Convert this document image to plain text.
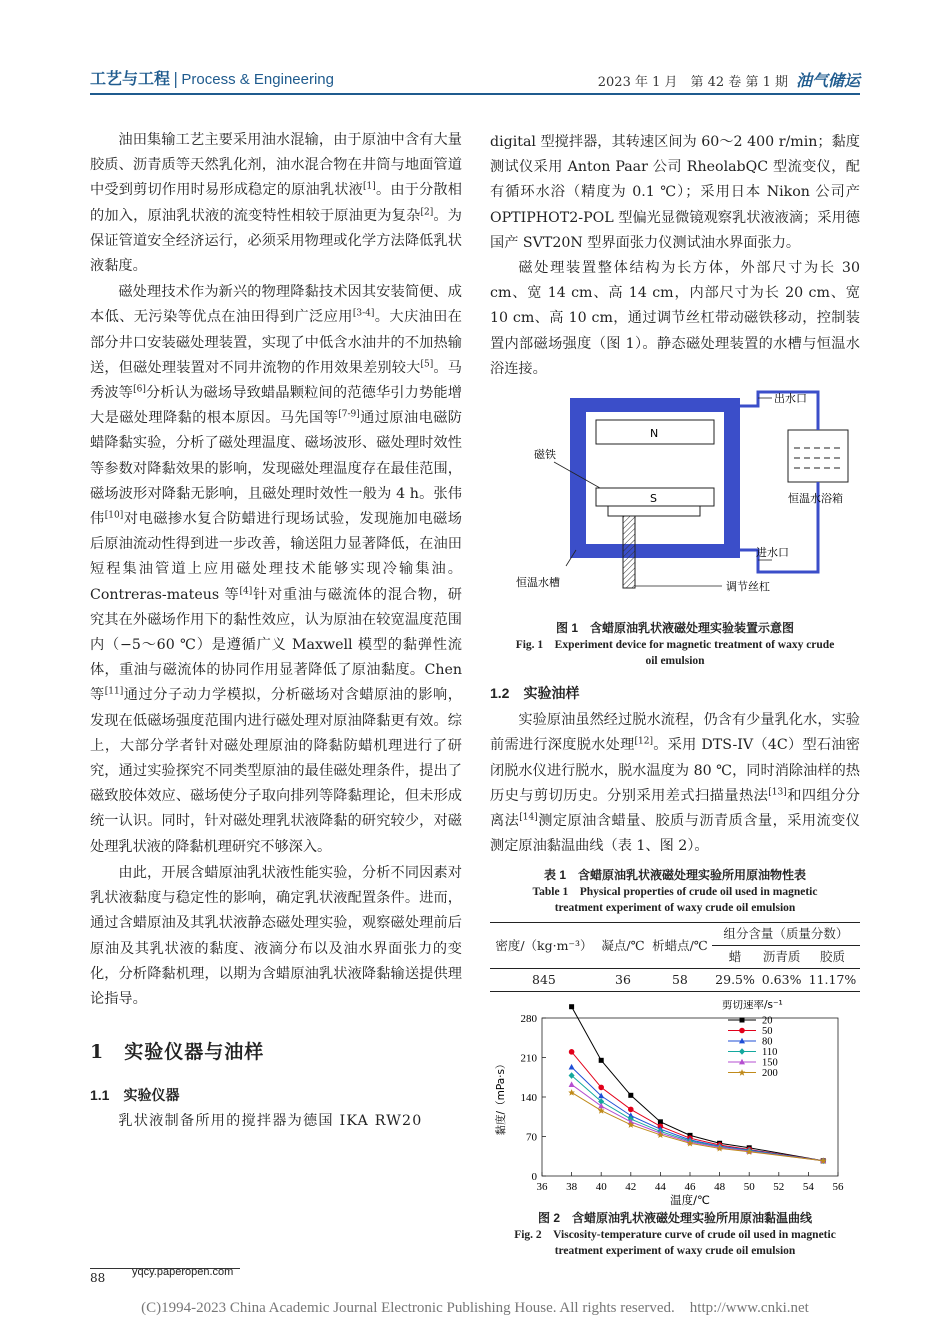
工艺与工程 | Process & Engineering	2023 年 1 月　第 42 卷 第 1 期 油气储运

油田集输工艺主要采用油水混输，由于原油中含有大量胶质、沥青质等天然乳化剂，油水混合物在井筒与地面管道中受到剪切作用时易形成稳定的原油乳状液[1]。由于分散相的加入，原油乳状液的流变特性相较于原油更为复杂[2]。为保证管道安全经济运行，必须采用物理或化学方法降低乳状液黏度。

磁处理技术作为新兴的物理降黏技术因其安装简便、成本低、无污染等优点在油田得到广泛应用[3-4]。大庆油田在部分井口安装磁处理装置，实现了中低含水油井的不加热输送，但磁处理装置对不同井流物的作用效果差别较大[5]。马秀波等[6]分析认为磁场导致蜡晶颗粒间的范德华引力势能增大是磁处理降黏的根本原因。马先国等[7-9]通过原油电磁防蜡降黏实验，分析了磁处理温度、磁场波形、磁处理时效性等参数对降黏效果的影响，发现磁处理温度存在最佳范围，磁场波形对降黏无影响，且磁处理时效性一般为 4 h。张伟伟[10]对电磁掺水复合防蜡进行现场试验，发现施加电磁场后原油流动性得到进一步改善，输送阻力显著降低，在油田短程集油管道上应用磁处理技术能够实现冷输集油。Contreras-mateus 等[4]针对重油与磁流体的混合物，研究其在外磁场作用下的黏性效应，认为原油在较宽温度范围内（−5～60 ℃）是遵循广义 Maxwell 模型的黏弹性流体，重油与磁流体的协同作用显著降低了原油黏度。Chen 等[11]通过分子动力学模拟，分析磁场对含蜡原油的影响，发现在低磁场强度范围内进行磁处理对原油降黏更有效。综上，大部分学者针对磁处理原油的降黏防蜡机理进行了研究，通过实验探究不同类型原油的最佳磁处理条件，提出了磁致胶体效应、磁场使分子取向排列等降黏理论，但未形成统一认识。同时，针对磁处理乳状液降黏的研究较少，对磁处理乳状液的降黏机理研究不够深入。

由此，开展含蜡原油乳状液性能实验，分析不同因素对乳状液黏度与稳定性的影响，确定乳状液配置条件。进而，通过含蜡原油及其乳状液静态磁处理实验，观察磁处理前后原油及其乳状液的黏度、液滴分布以及油水界面张力的变化，分析降黏机理，以期为含蜡原油乳状液降黏输送提供理论指导。

1 实验仪器与油样
1.1 实验仪器

乳状液制备所用的搅拌器为德国 IKA RW20

digital 型搅拌器，其转速区间为 60～2 400 r/min；黏度测试仪采用 Anton Paar 公司 RheolabQC 型流变仪，配有循环水浴（精度为 0.1 ℃）；采用日本 Nikon 公司产 OPTIPHOT2-POL 型偏光显微镜观察乳状液液滴；采用德国产 SVT20N 型界面张力仪测试油水界面张力。

磁处理装置整体结构为长方体，外部尺寸为长 30 cm、宽 14 cm、高 14 cm，内部尺寸为长 20 cm、宽 10 cm、高 10 cm，通过调节丝杠带动磁铁移动，控制装置内部磁场强度（图 1）。静态磁处理装置的水槽与恒温水浴连接。

N
S
磁铁
出水口
恒温水浴箱
进水口
恒温水槽	调节丝杠
图 1　含蜡原油乳状液磁处理实验装置示意图
Fig. 1　Experiment device for magnetic treatment of waxy crude
oil emulsion
1.2 实验油样

实验原油虽然经过脱水流程，仍含有少量乳化水，实验前需进行深度脱水处理[12]。采用 DTS-IV（4C）型石油密闭脱水仪进行脱水，脱水温度为 80 ℃，同时消除油样的热历史与剪切历史。分别采用差式扫描量热法[13]和四组分分离法[14]测定原油含蜡量、胶质与沥青质含量，采用流变仪测定原油黏温曲线（表 1、图 2）。

表 1　含蜡原油乳状液磁处理实验所用原油物性表
Table 1　Physical properties of crude oil used in magnetic
treatment experiment of waxy crude oil emulsion
密度/（kg·m⁻³）	凝点/℃	析蜡点/℃	组分含量（质量分数）		
			蜡	沥青质	胶质
845	36	58	29.5%	0.63%	11.17%
36 38 40 42 44 46 48 50 52 54 56
0
70
140
210
280
温度/℃
黏度/（mPa·s）
剪切速率/s⁻¹
20
50
80
110
150
200
图 2　含蜡原油乳状液磁处理实验所用原油黏温曲线
Fig. 2　Viscosity-temperature curve of crude oil used in magnetic
treatment experiment of waxy crude oil emulsion
88 yqcy.paperopen.com
(C)1994-2023 China Academic Journal Electronic Publishing House. All rights reserved.　http://www.cnki.net
